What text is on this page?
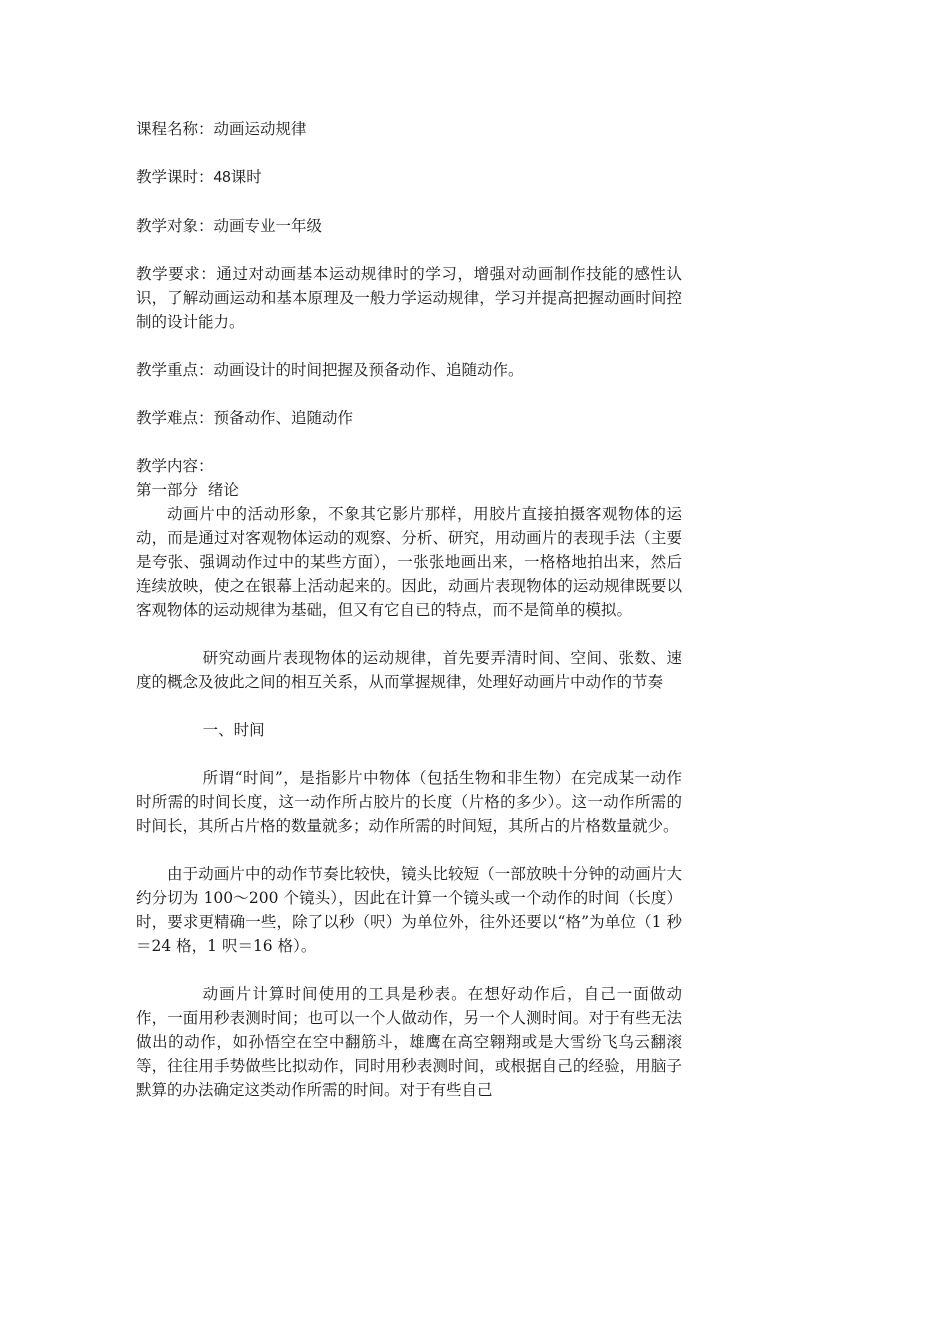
课程名称：动画运动规律

教学课时：48课时

教学对象：动画专业一年级

教学要求：通过对动画基本运动规律时的学习，增强对动画制作技能的感性认识，了解动画运动和基本原理及一般力学运动规律，学习并提高把握动画时间控制的设计能力。

教学重点：动画设计的时间把握及预备动作、追随动作。

教学难点：预备动作、追随动作

教学内容：

第一部分  绪论

动画片中的活动形象，不象其它影片那样，用胶片直接拍摄客观物体的运动，而是通过对客观物体运动的观察、分析、研究，用动画片的表现手法（主要是夸张、强调动作过中的某些方面），一张张地画出来，一格格地拍出来，然后连续放映，使之在银幕上活动起来的。因此，动画片表现物体的运动规律既要以客观物体的运动规律为基础，但又有它自已的特点，而不是简单的模拟。

研究动画片表现物体的运动规律，首先要弄清时间、空间、张数、速度的概念及彼此之间的相互关系，从而掌握规律，处理好动画片中动作的节奏

一、时间

所谓“时间”，是指影片中物体（包括生物和非生物）在完成某一动作时所需的时间长度，这一动作所占胶片的长度（片格的多少）。这一动作所需的时间长，其所占片格的数量就多；动作所需的时间短，其所占的片格数量就少。

由于动画片中的动作节奏比较快，镜头比较短（一部放映十分钟的动画片大约分切为 100～200 个镜头），因此在计算一个镜头或一个动作的时间（长度）时，要求更精确一些，除了以秒（呎）为单位外，往外还要以“格”为单位（1 秒＝24 格，1 呎＝16 格）。

动画片计算时间使用的工具是秒表。在想好动作后，自己一面做动作，一面用秒表测时间；也可以一个人做动作，另一个人测时间。对于有些无法做出的动作，如孙悟空在空中翻筋斗，雄鹰在高空翱翔或是大雪纷飞乌云翻滚等，往往用手势做些比拟动作，同时用秒表测时间，或根据自己的经验，用脑子默算的办法确定这类动作所需的时间。对于有些自己
